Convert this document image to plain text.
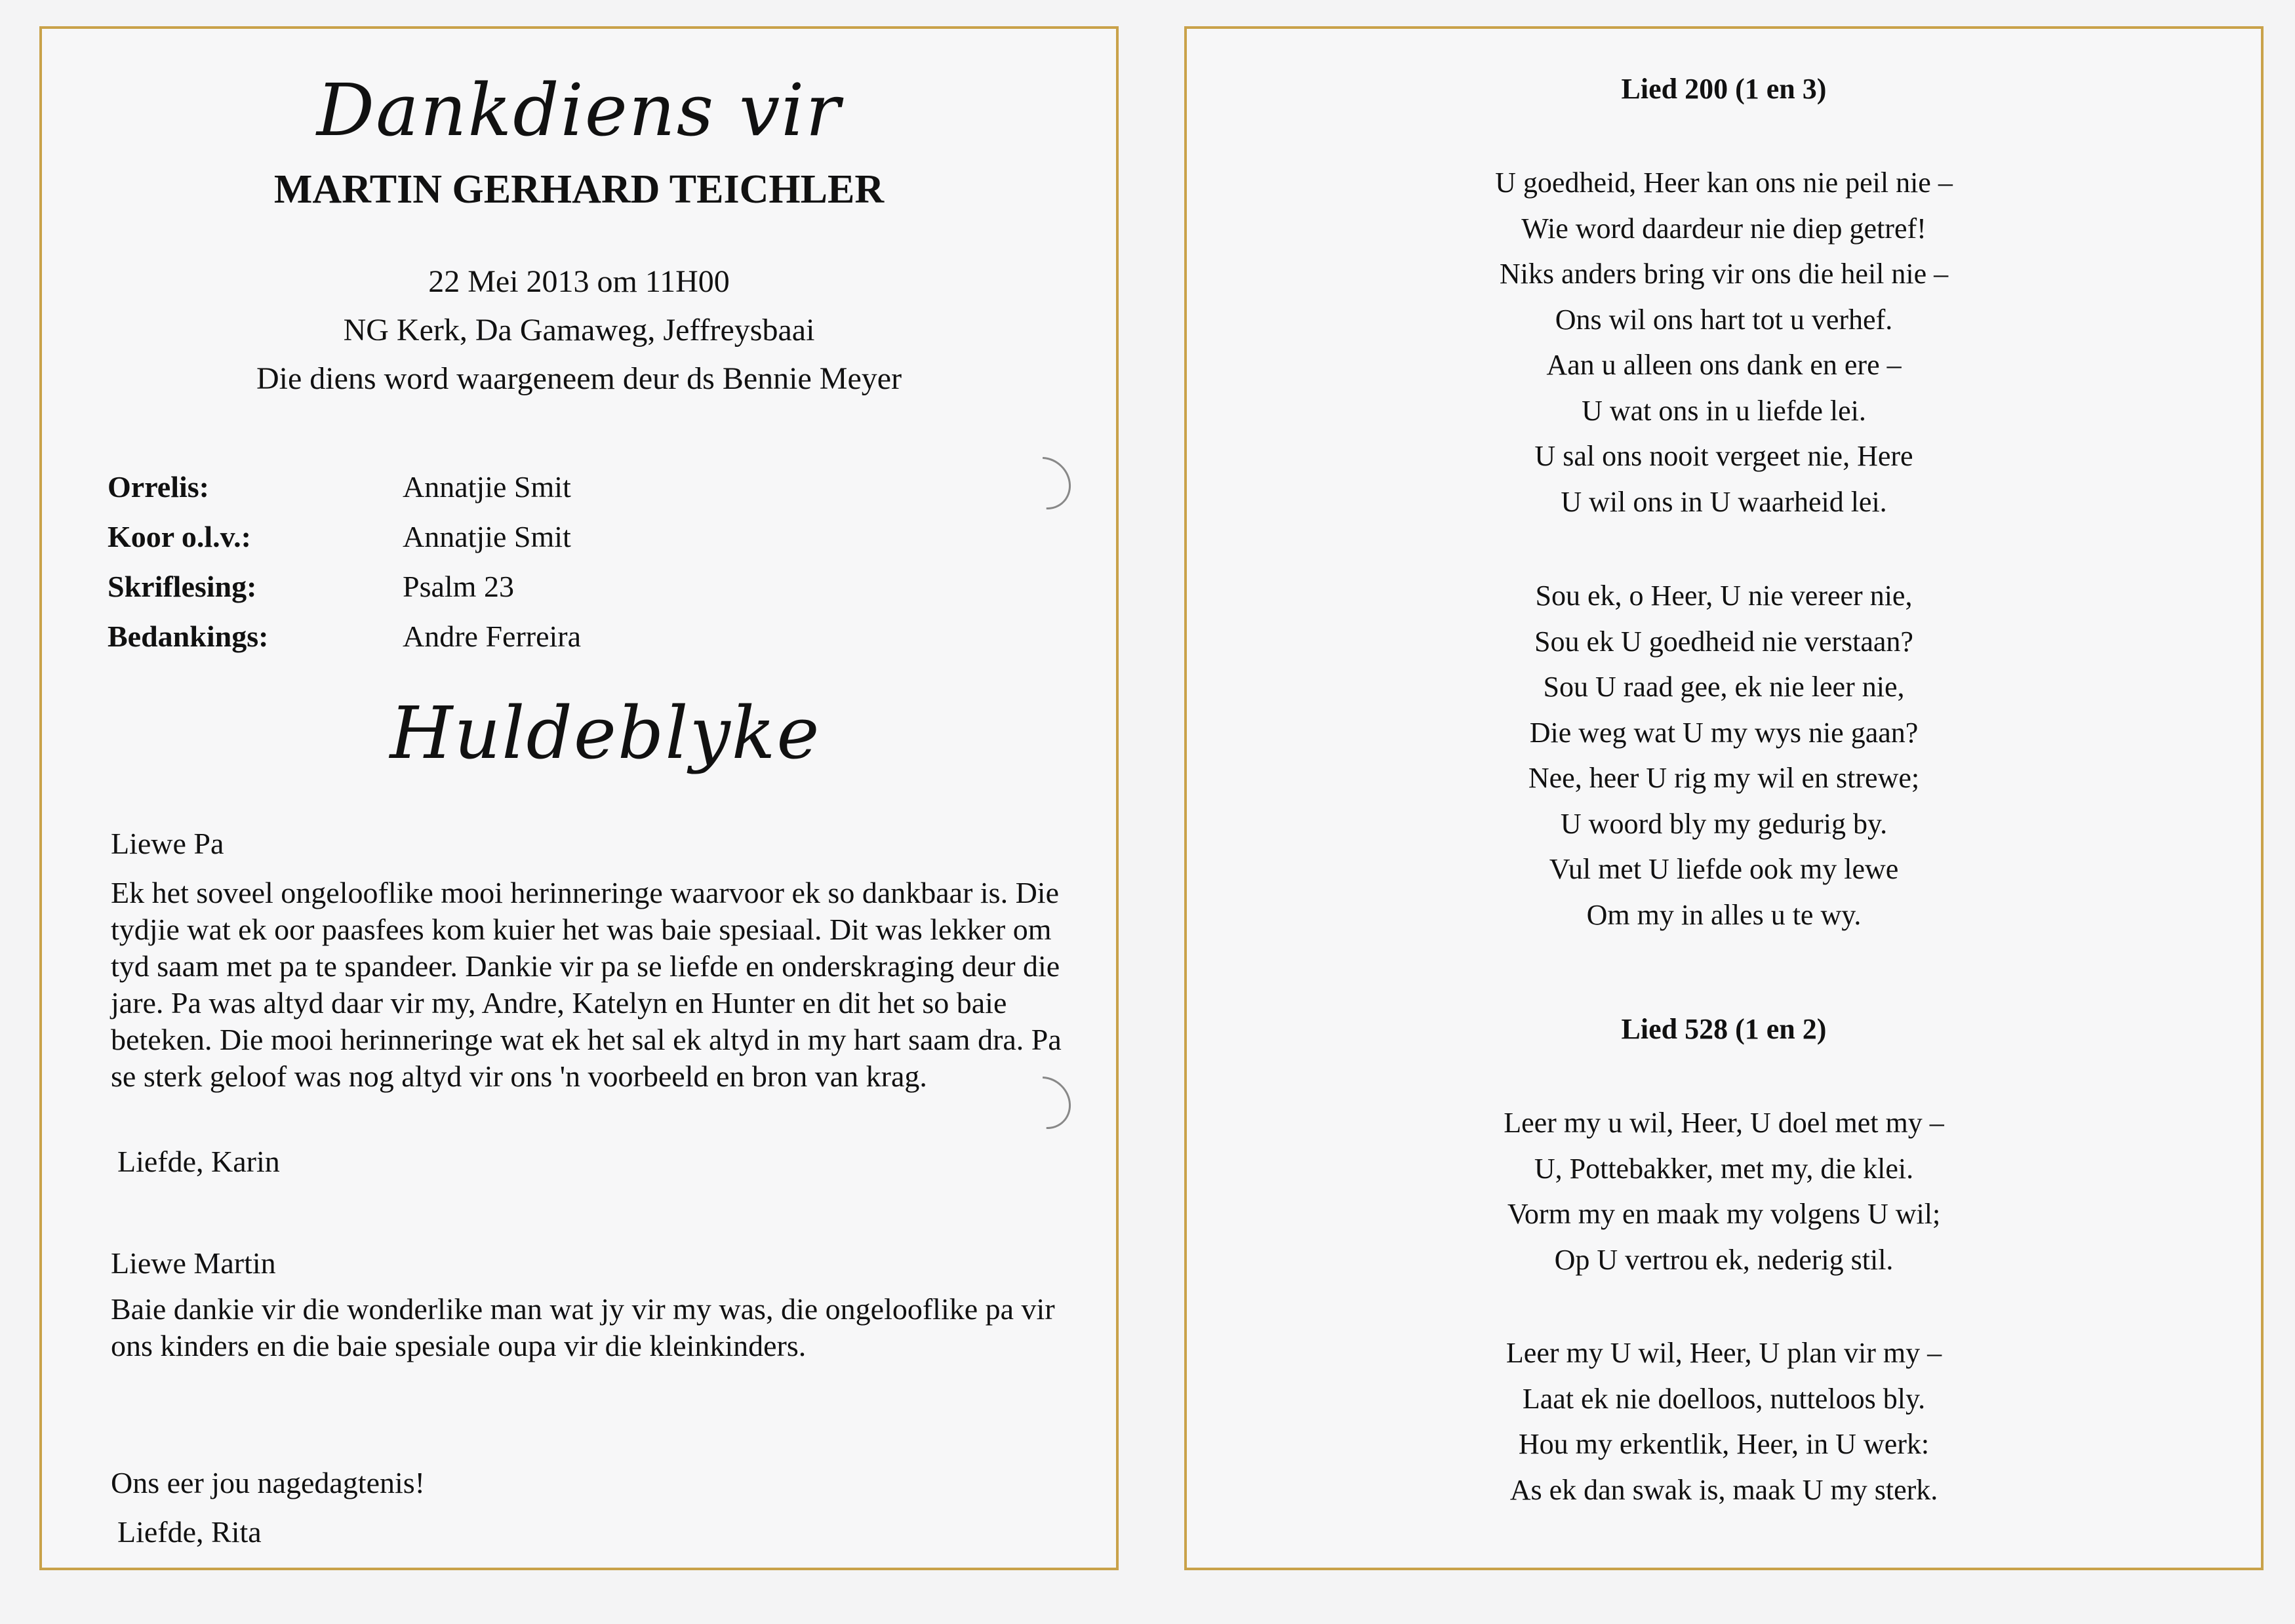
Dankdiens vir
MARTIN GERHARD TEICHLER
22 Mei 2013 om 11H00
NG Kerk, Da Gamaweg, Jeffreysbaai
Die diens word waargeneem deur ds Bennie Meyer
Orrelis:	Annatjie Smit
Koor o.l.v.:	Annatjie Smit
Skriflesing:	Psalm 23
Bedankings:	Andre Ferreira
Huldeblyke
Liewe Pa
Ek het soveel ongelooflike mooi herinneringe waarvoor ek so dankbaar is. Die tydjie wat ek oor paasfees kom kuier het was baie spesiaal. Dit was lekker om tyd saam met pa te spandeer. Dankie vir pa se liefde en onderskraging deur die jare. Pa was altyd daar vir my, Andre, Katelyn en Hunter en dit het so baie beteken. Die mooi herinneringe wat ek het sal ek altyd in my hart saam dra. Pa se sterk geloof was nog altyd vir ons 'n voorbeeld en bron van krag.
Liefde, Karin
Liewe Martin
Baie dankie vir die wonderlike man wat jy vir my was, die ongelooflike pa vir ons kinders en die baie spesiale oupa vir die kleinkinders.
Ons eer jou nagedagtenis!
Liefde, Rita
Lied 200 (1 en 3)
U goedheid, Heer kan ons nie peil nie –
Wie word daardeur nie diep getref!
Niks anders bring vir ons die heil nie –
Ons wil ons hart tot u verhef.
Aan u alleen ons dank en ere –
U wat ons in u liefde lei.
U sal ons nooit vergeet nie, Here
U wil ons in U waarheid lei.
Sou ek, o Heer, U nie vereer nie,
Sou ek U goedheid nie verstaan?
Sou U raad gee, ek nie leer nie,
Die weg wat U my wys nie gaan?
Nee, heer U rig my wil en strewe;
U woord bly my gedurig by.
Vul met U liefde ook my lewe
Om my in alles u te wy.
Lied 528 (1 en 2)
Leer my u wil, Heer, U doel met my –
U, Pottebakker, met my, die klei.
Vorm my en maak my volgens U wil;
Op U vertrou ek, nederig stil.
Leer my U wil, Heer, U plan vir my –
Laat ek nie doelloos, nutteloos bly.
Hou my erkentlik, Heer, in U werk:
As ek dan swak is, maak U my sterk.
